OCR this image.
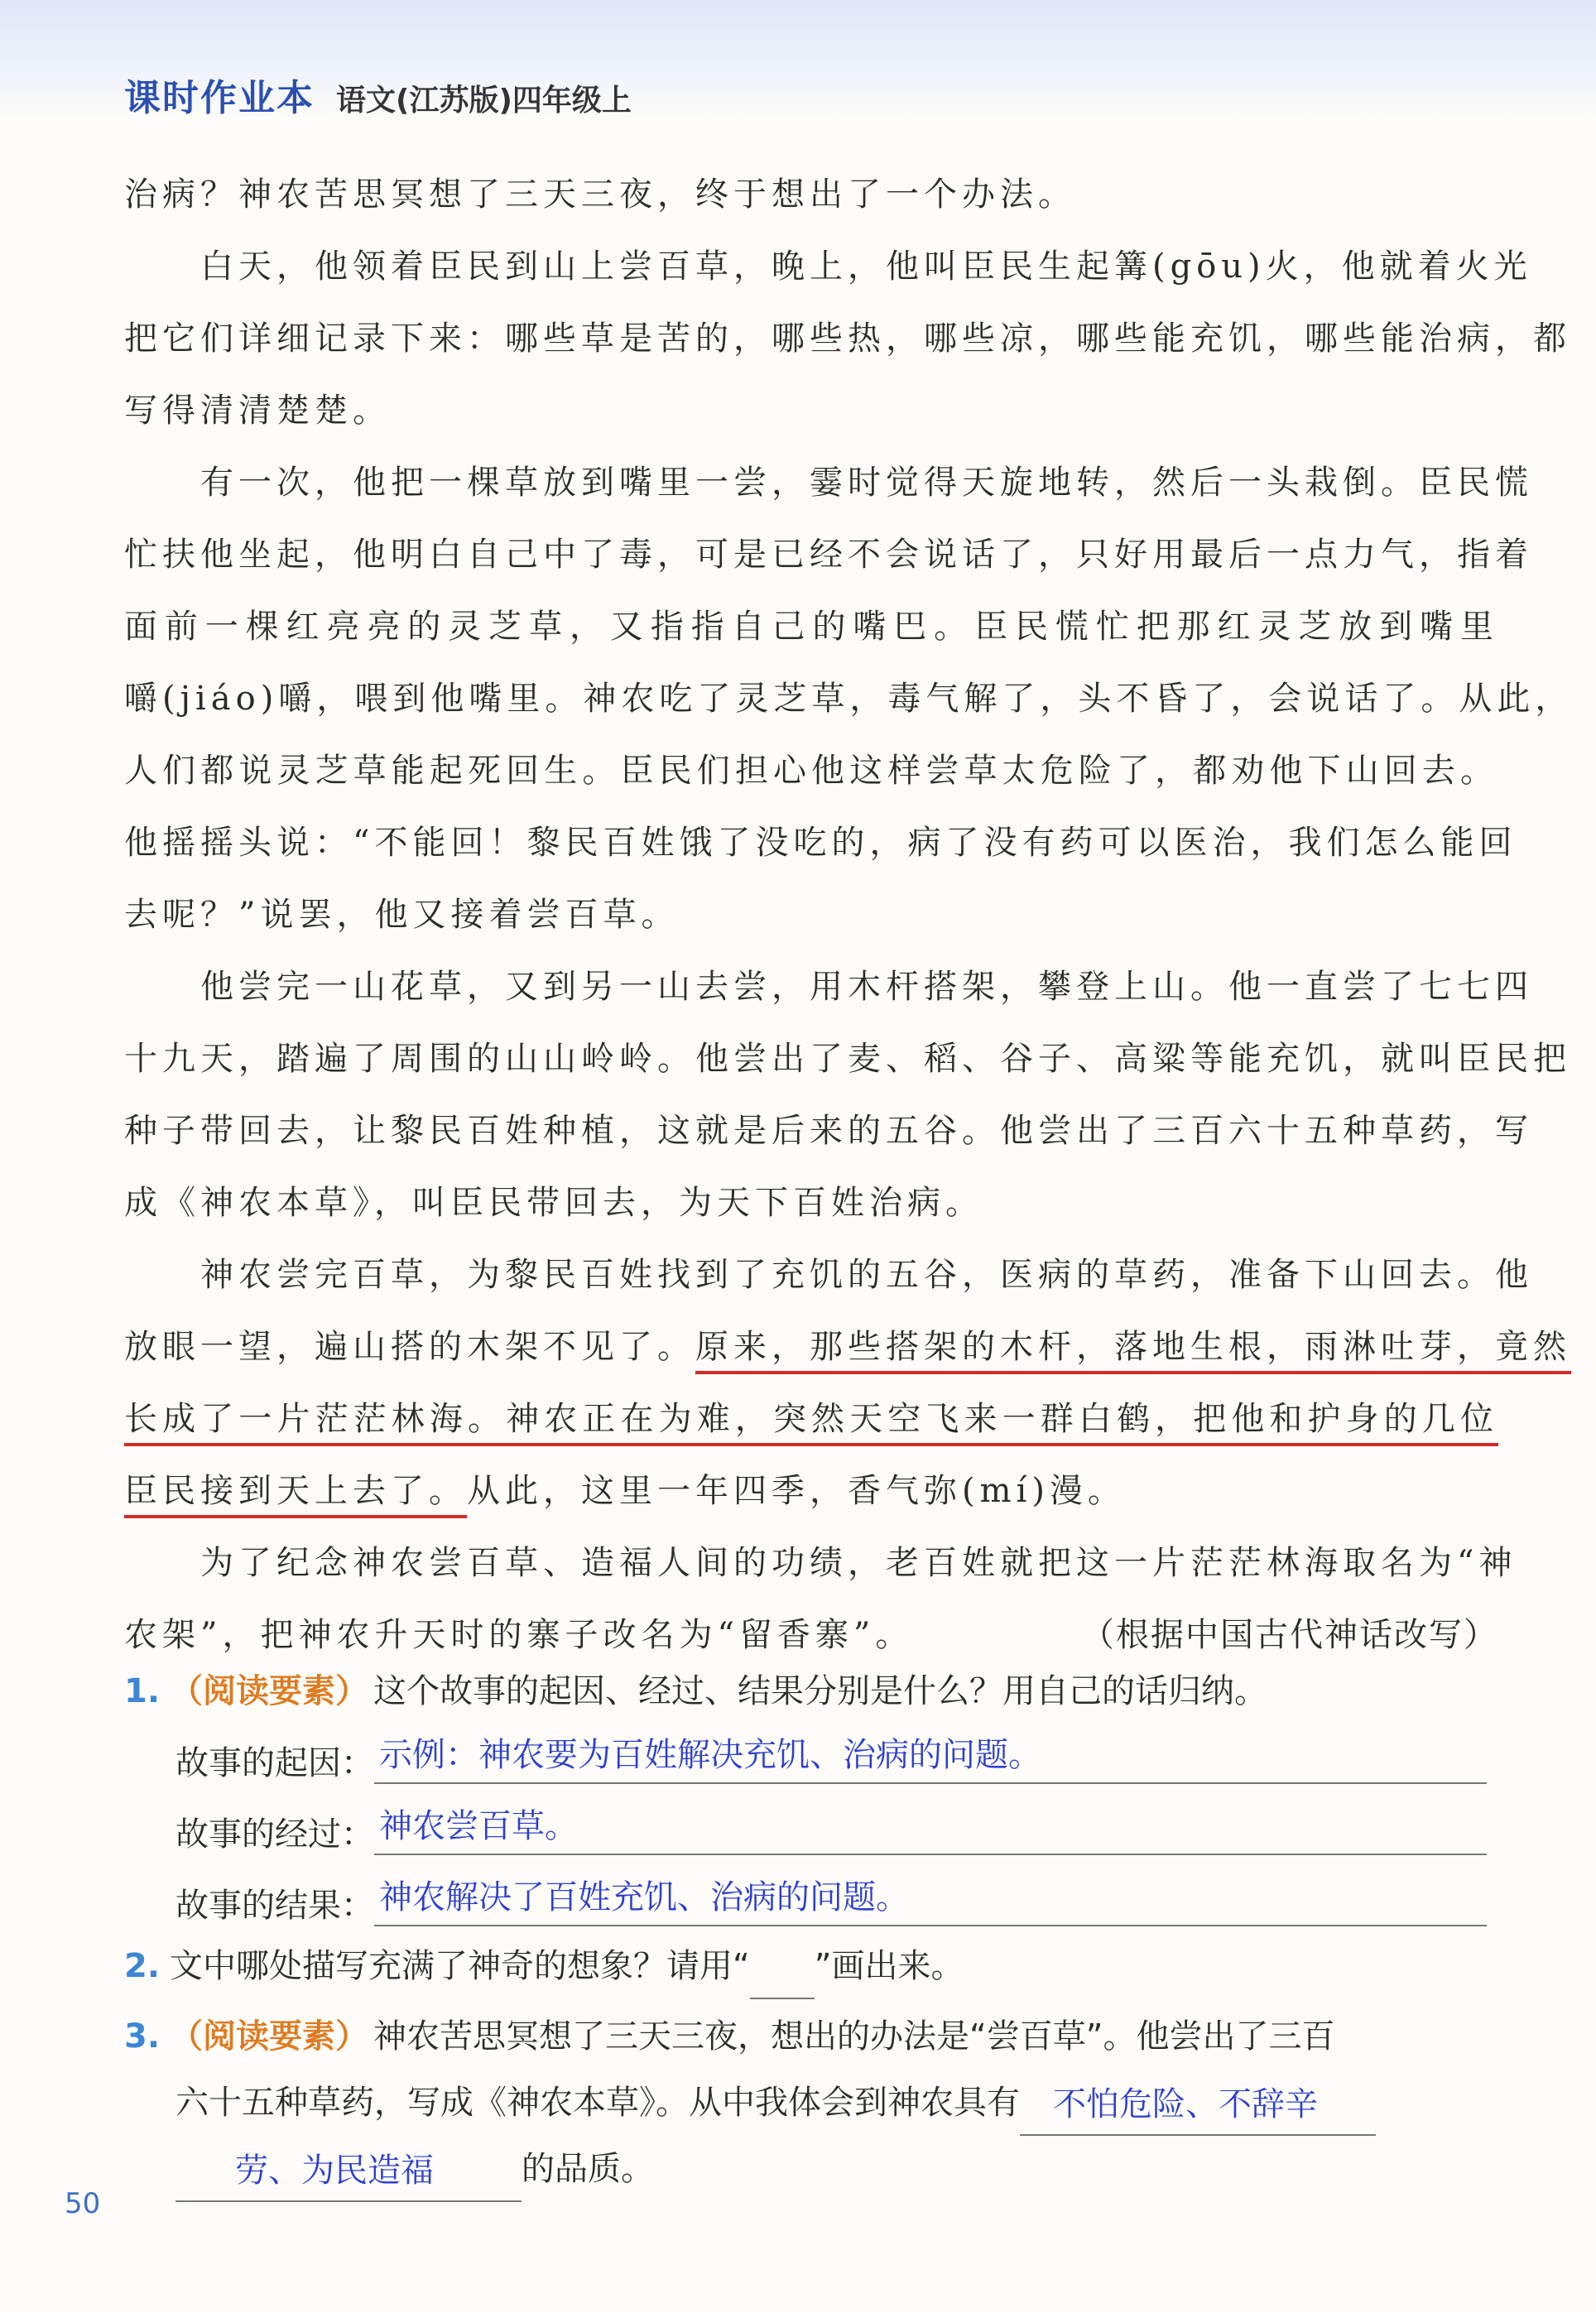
课时作业本 语文(江苏版)四年级上
治病？神农苦思冥想了三天三夜，终于想出了一个办法。
白天，他领着臣民到山上尝百草，晚上，他叫臣民生起篝(gōu)火，他就着火光
把它们详细记录下来：哪些草是苦的，哪些热，哪些凉，哪些能充饥，哪些能治病，都
写得清清楚楚。
有一次，他把一棵草放到嘴里一尝，霎时觉得天旋地转，然后一头栽倒。臣民慌
忙扶他坐起，他明白自己中了毒，可是已经不会说话了，只好用最后一点力气，指着
面前一棵红亮亮的灵芝草，又指指自己的嘴巴。臣民慌忙把那红灵芝放到嘴里
嚼(jiáo)嚼，喂到他嘴里。神农吃了灵芝草，毒气解了，头不昏了，会说话了。从此，
人们都说灵芝草能起死回生。臣民们担心他这样尝草太危险了，都劝他下山回去。
他摇摇头说：“不能回！黎民百姓饿了没吃的，病了没有药可以医治，我们怎么能回
去呢？”说罢，他又接着尝百草。
他尝完一山花草，又到另一山去尝，用木杆搭架，攀登上山。他一直尝了七七四
十九天，踏遍了周围的山山岭岭。他尝出了麦、稻、谷子、高粱等能充饥，就叫臣民把
种子带回去，让黎民百姓种植，这就是后来的五谷。他尝出了三百六十五种草药，写
成《神农本草》，叫臣民带回去，为天下百姓治病。
神农尝完百草，为黎民百姓找到了充饥的五谷，医病的草药，准备下山回去。他
放眼一望，遍山搭的木架不见了。原来，那些搭架的木杆，落地生根，雨淋吐芽，竟然
长成了一片茫茫林海。神农正在为难，突然天空飞来一群白鹤，把他和护身的几位
臣民接到天上去了。从此，这里一年四季，香气弥(mí)漫。
为了纪念神农尝百草、造福人间的功绩，老百姓就把这一片茫茫林海取名为“神
农架”，把神农升天时的寨子改名为“留香寨”。	（根据中国古代神话改写）
1. （阅读要素） 这个故事的起因、经过、结果分别是什么？用自己的话归纳。
故事的起因： 示例：神农要为百姓解决充饥、治病的问题。
故事的经过： 神农尝百草。
故事的结果： 神农解决了百姓充饥、治病的问题。
2. 文中哪处描写充满了神奇的想象？请用“ ”画出来。
3. （阅读要素） 神农苦思冥想了三天三夜，想出的办法是“尝百草”。他尝出了三百
六十五种草药，写成《神农本草》。从中我体会到神农具有 不怕危险、不辞辛
劳、为民造福	的品质。
50
